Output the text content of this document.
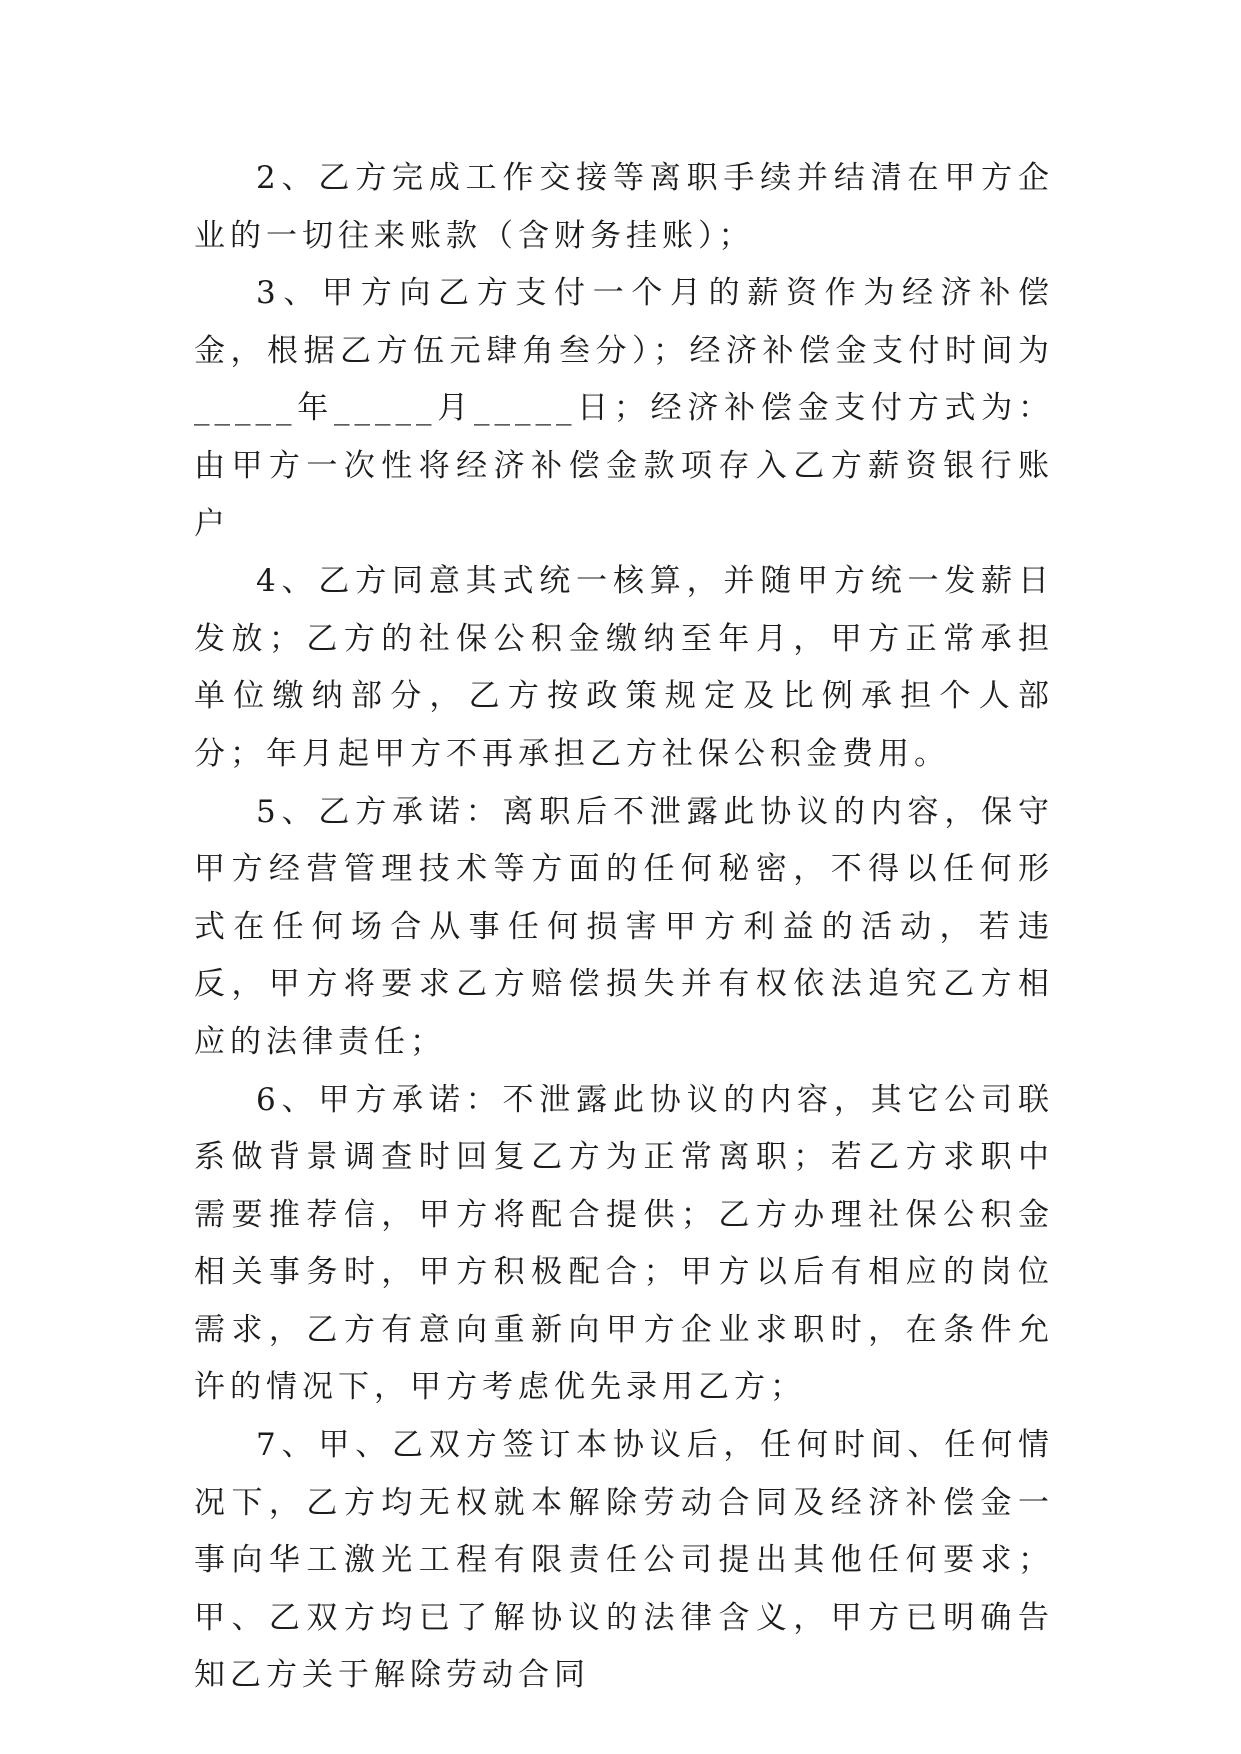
2、乙方完成工作交接等离职手续并结清在甲方企业的一切往来账款（含财务挂账）；

3、甲方向乙方支付一个月的薪资作为经济补偿金，根据乙方伍元肆角叁分）；经济补偿金支付时间为_____年_____月_____日；经济补偿金支付方式为：由甲方一次性将经济补偿金款项存入乙方薪资银行账户

4、乙方同意其式统一核算，并随甲方统一发薪日发放；乙方的社保公积金缴纳至年月，甲方正常承担单位缴纳部分，乙方按政策规定及比例承担个人部分；年月起甲方不再承担乙方社保公积金费用。

5、乙方承诺：离职后不泄露此协议的内容，保守甲方经营管理技术等方面的任何秘密，不得以任何形式在任何场合从事任何损害甲方利益的活动，若违反，甲方将要求乙方赔偿损失并有权依法追究乙方相应的法律责任；

6、甲方承诺：不泄露此协议的内容，其它公司联系做背景调查时回复乙方为正常离职；若乙方求职中需要推荐信，甲方将配合提供；乙方办理社保公积金相关事务时，甲方积极配合；甲方以后有相应的岗位需求，乙方有意向重新向甲方企业求职时，在条件允许的情况下，甲方考虑优先录用乙方；

7、甲、乙双方签订本协议后，任何时间、任何情况下，乙方均无权就本解除劳动合同及经济补偿金一事向华工激光工程有限责任公司提出其他任何要求；甲、乙双方均已了解协议的法律含义，甲方已明确告知乙方关于解除劳动合同
